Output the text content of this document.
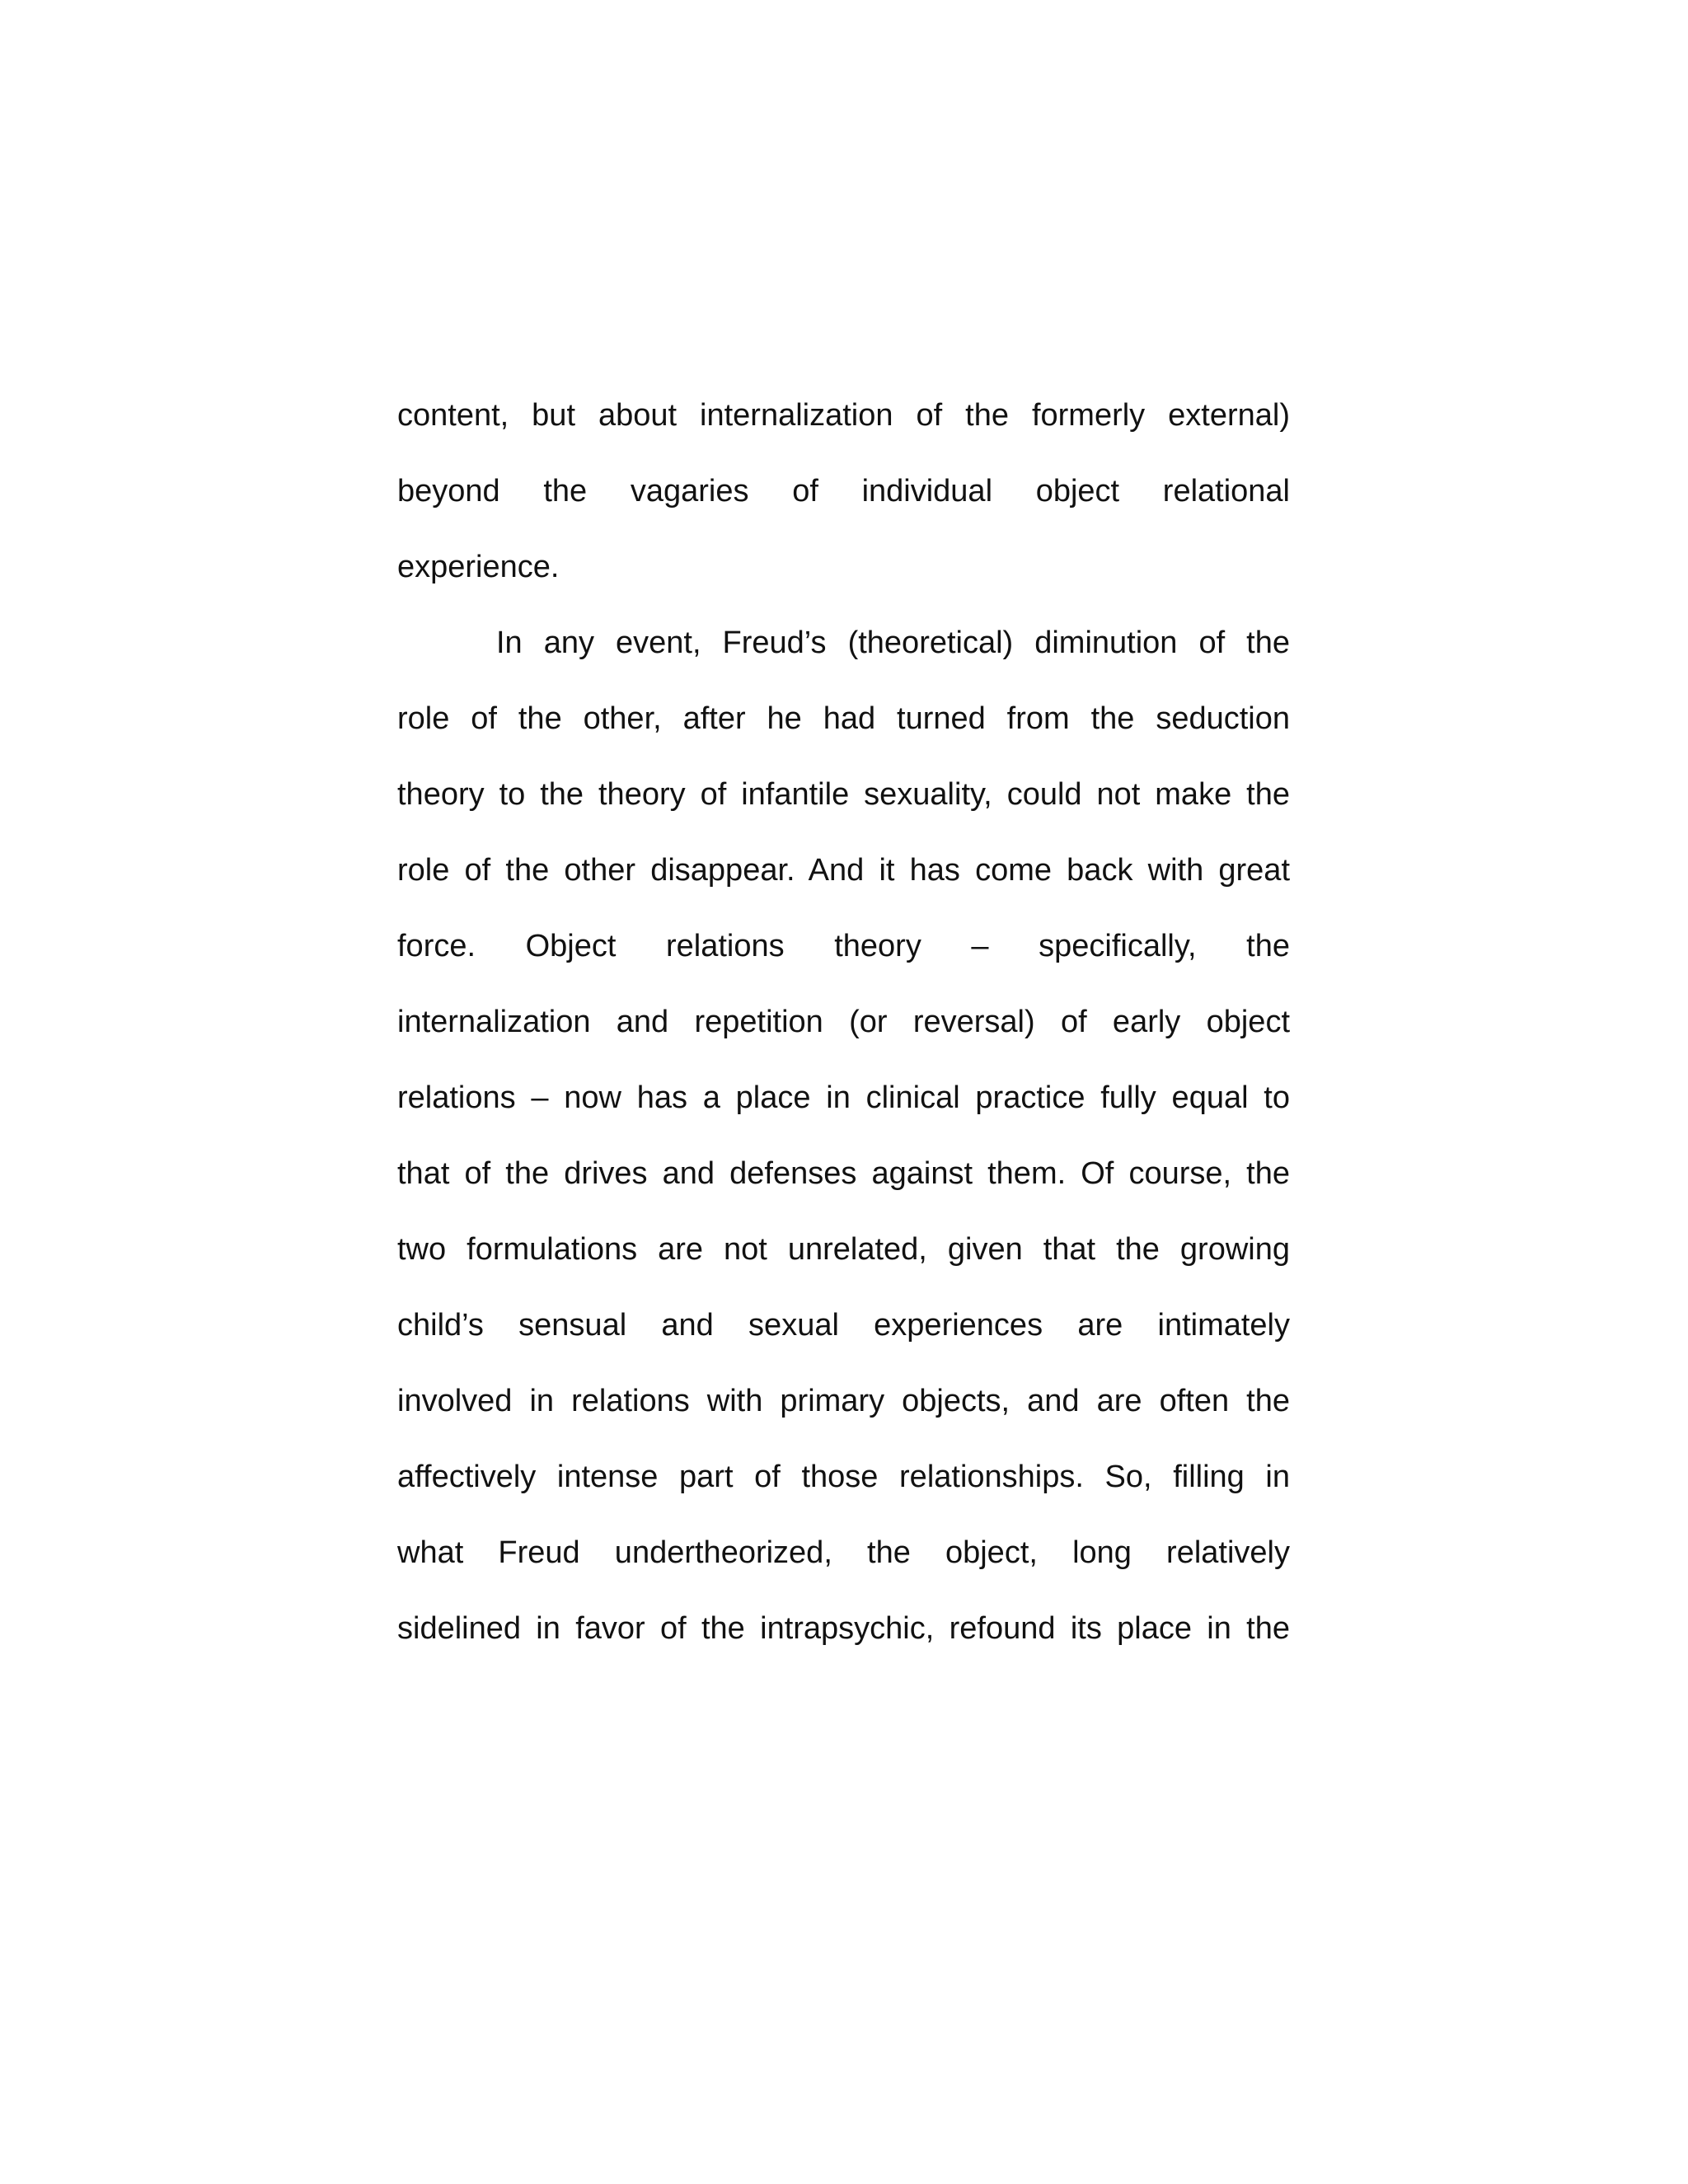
content, but about internalization of the formerly external)
beyond the vagaries of individual object relational
experience.
In any event, Freud’s (theoretical) diminution of the
role of the other, after he had turned from the seduction
theory to the theory of infantile sexuality, could not make the
role of the other disappear. And it has come back with great
force. Object relations theory – specifically, the
internalization and repetition (or reversal) of early object
relations – now has a place in clinical practice fully equal to
that of the drives and defenses against them. Of course, the
two formulations are not unrelated, given that the growing
child’s sensual and sexual experiences are intimately
involved in relations with primary objects, and are often the
affectively intense part of those relationships. So, filling in
what Freud undertheorized, the object, long relatively
sidelined in favor of the intrapsychic, refound its place in the
